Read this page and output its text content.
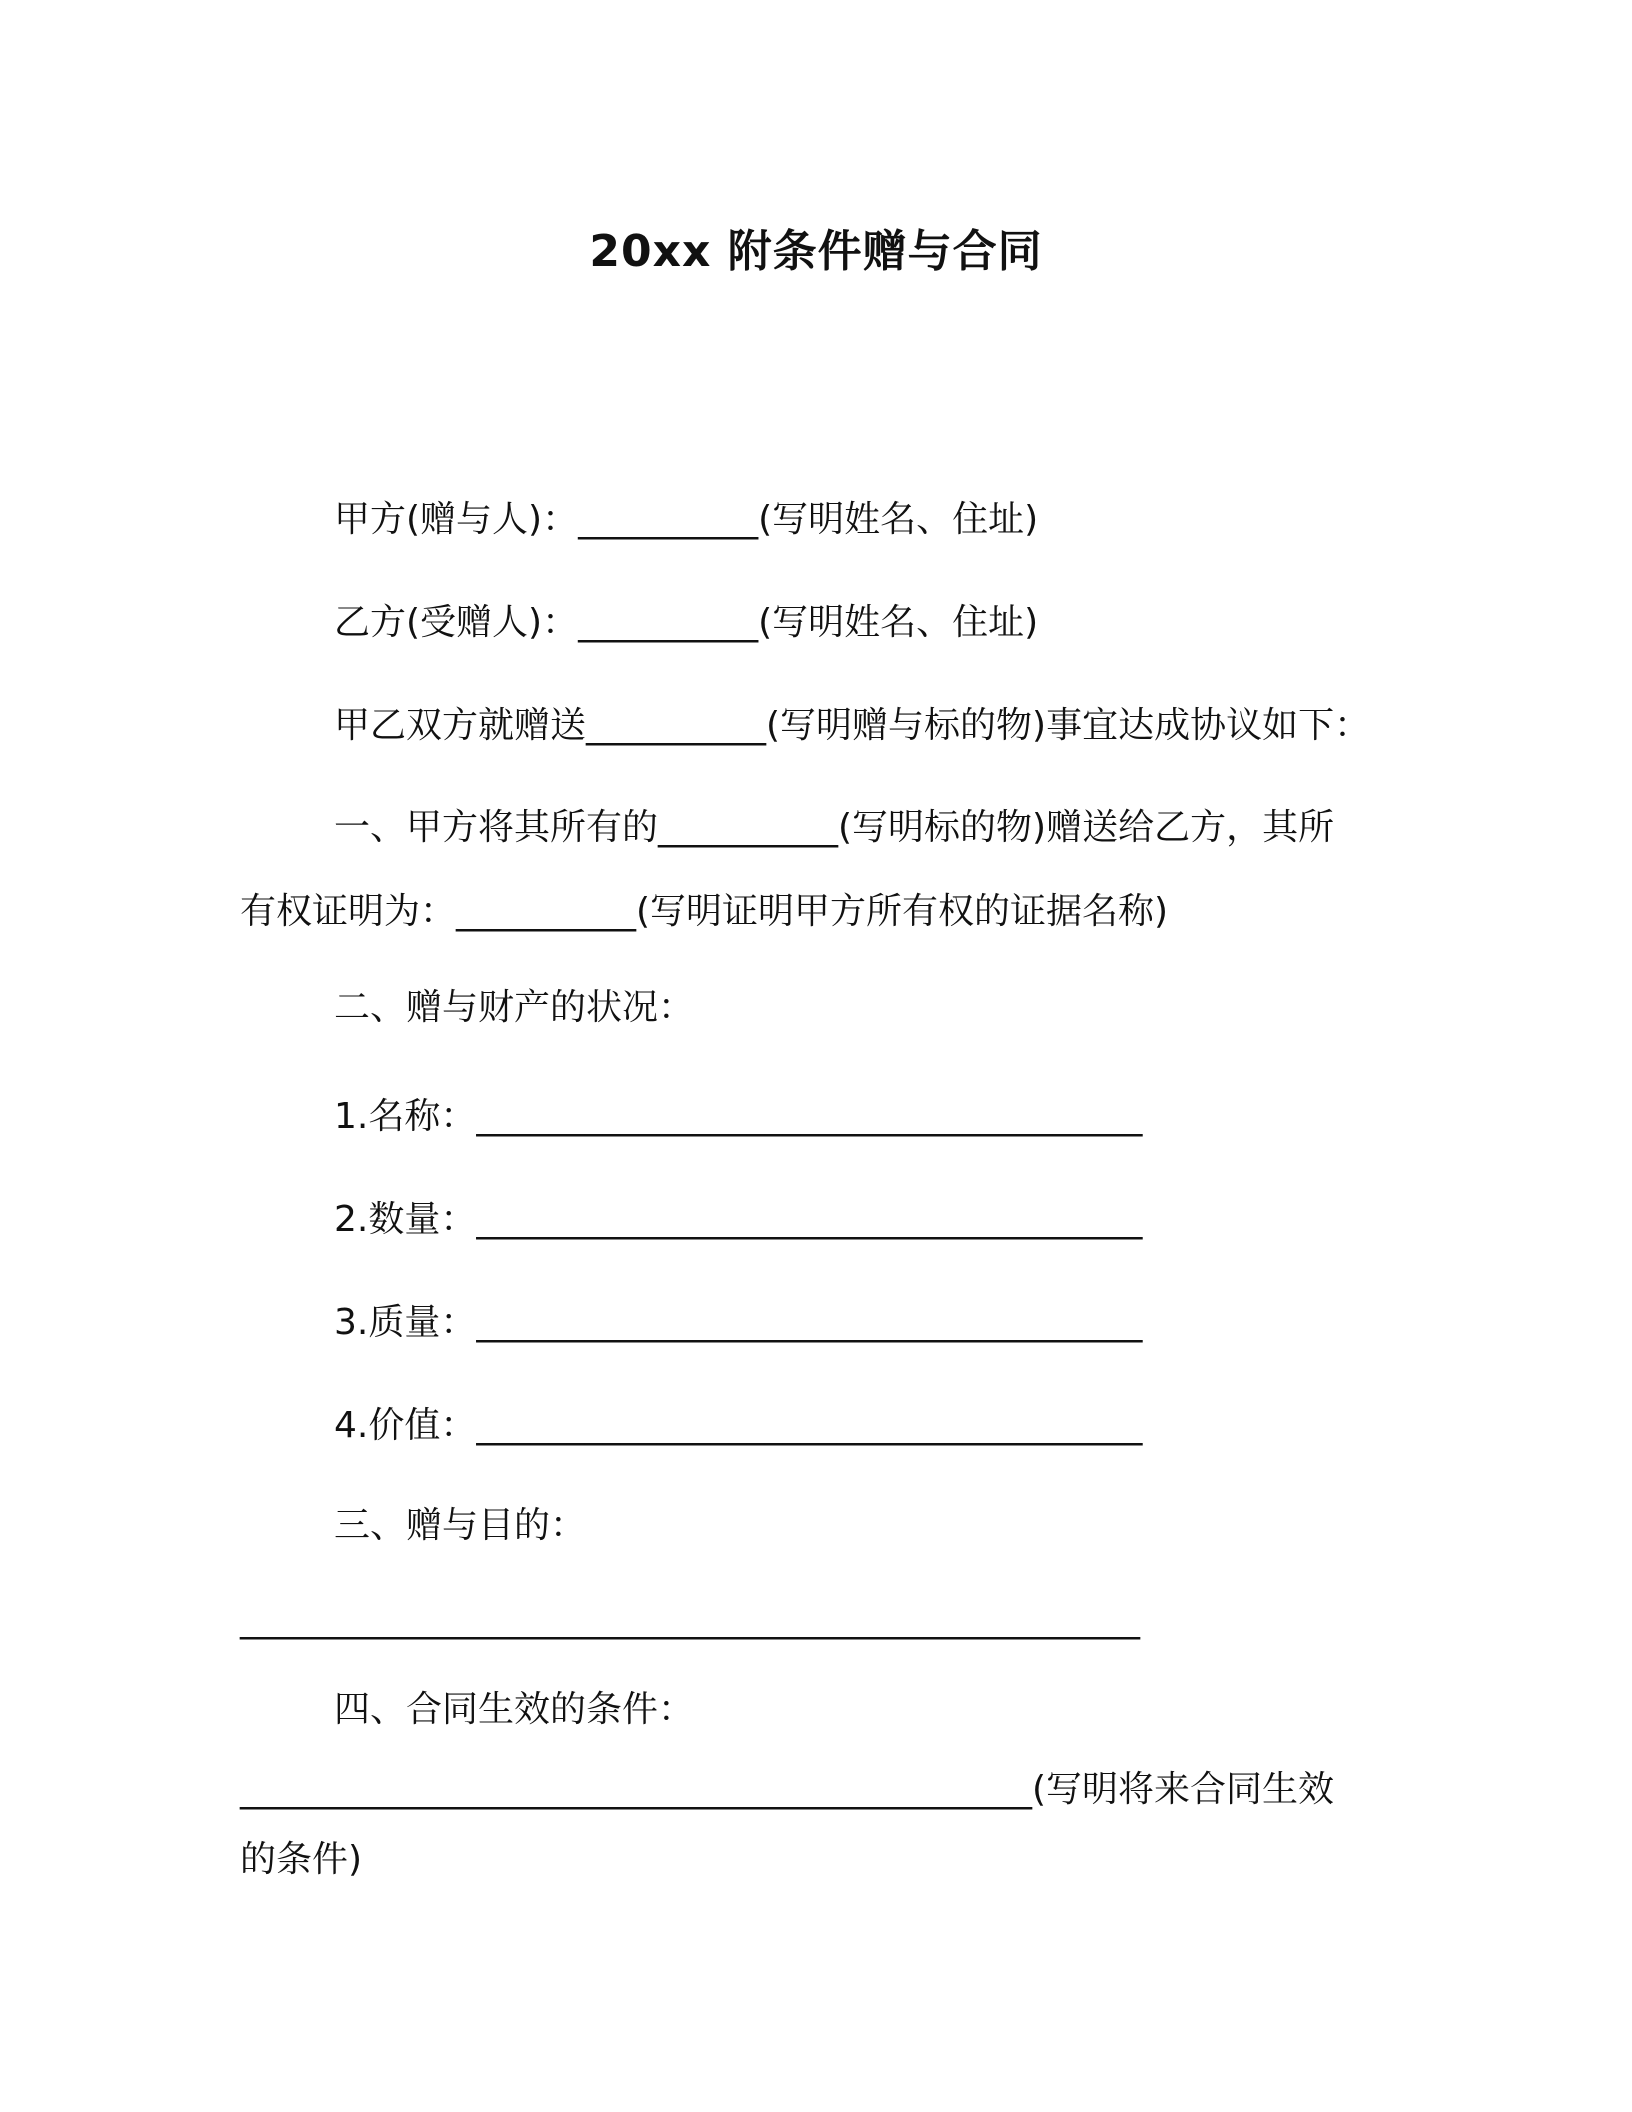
20xx 附条件赠与合同
甲方(赠与人)：__________(写明姓名、住址)
乙方(受赠人)：__________(写明姓名、住址)
甲乙双方就赠送__________(写明赠与标的物)事宜达成协议如下：
一、甲方将其所有的__________(写明标的物)赠送给乙方，其所
有权证明为：__________(写明证明甲方所有权的证据名称)
二、赠与财产的状况：
1.名称：_____________________________________
2.数量：_____________________________________
3.质量：_____________________________________
4.价值：_____________________________________
三、赠与目的：
__________________________________________________
四、合同生效的条件：
____________________________________________(写明将来合同生效
的条件)
